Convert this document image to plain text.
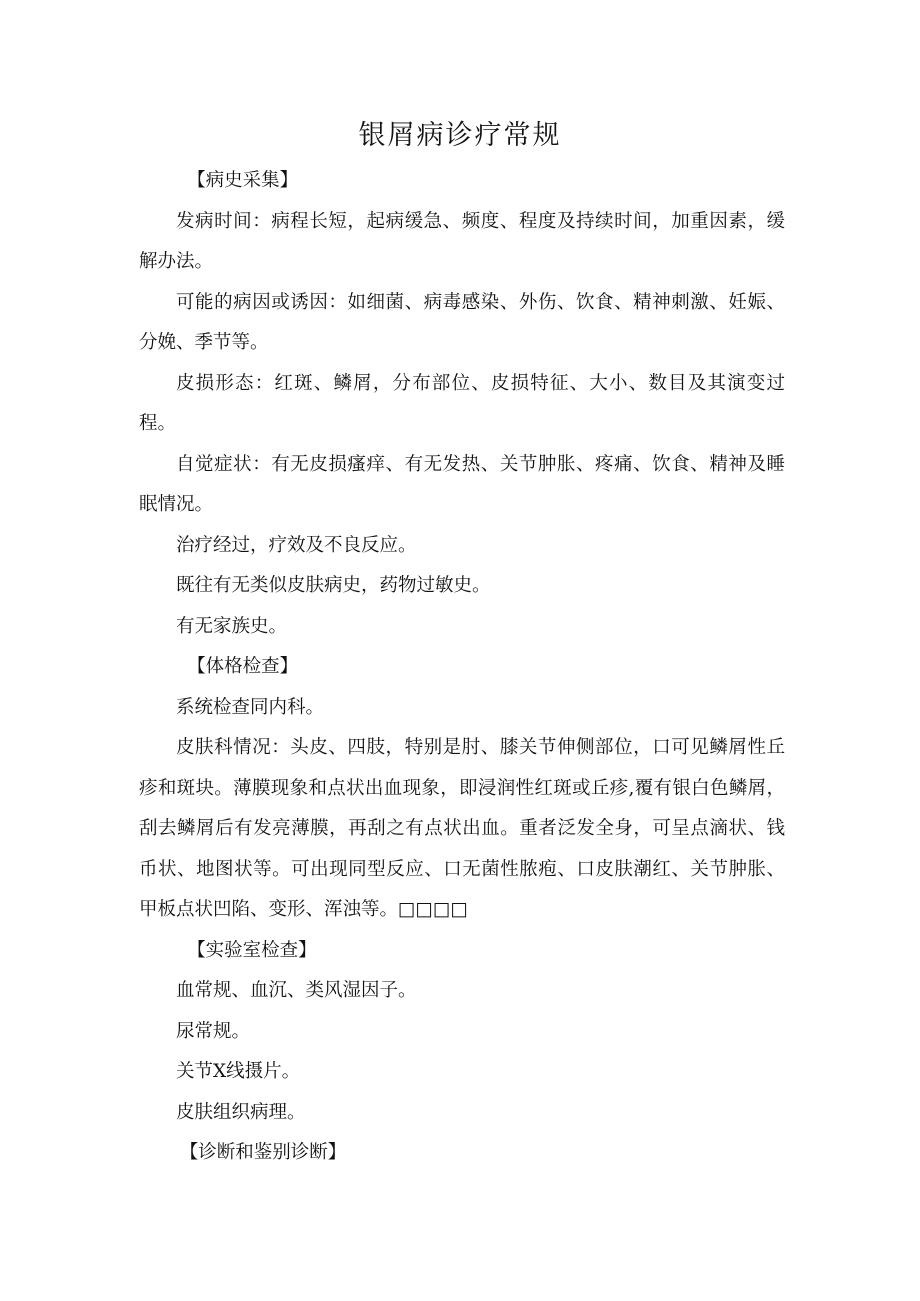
银屑病诊疗常规

【病史采集】

发病时间：病程长短，起病缓急、频度、程度及持续时间，加重因素，缓解办法。

可能的病因或诱因：如细菌、病毒感染、外伤、饮食、精神刺激、妊娠、分娩、季节等。

皮损形态：红斑、鳞屑，分布部位、皮损特征、大小、数目及其演变过程。

自觉症状：有无皮损瘙痒、有无发热、关节肿胀、疼痛、饮食、精神及睡眠情况。

治疗经过，疗效及不良反应。

既往有无类似皮肤病史，药物过敏史。

有无家族史。

【体格检查】

系统检查同内科。

皮肤科情况：头皮、四肢，特别是肘、膝关节伸侧部位，口可见鳞屑性丘疹和斑块。薄膜现象和点状出血现象，即浸润性红斑或丘疹,覆有银白色鳞屑，刮去鳞屑后有发亮薄膜，再刮之有点状出血。重者泛发全身，可呈点滴状、钱币状、地图状等。可出现同型反应、口无菌性脓疱、口皮肤潮红、关节肿胀、甲板点状凹陷、变形、浑浊等。□□□□

【实验室检查】

血常规、血沉、类风湿因子。

尿常规。

关节X线摄片。

皮肤组织病理。

【诊断和鉴别诊断】
